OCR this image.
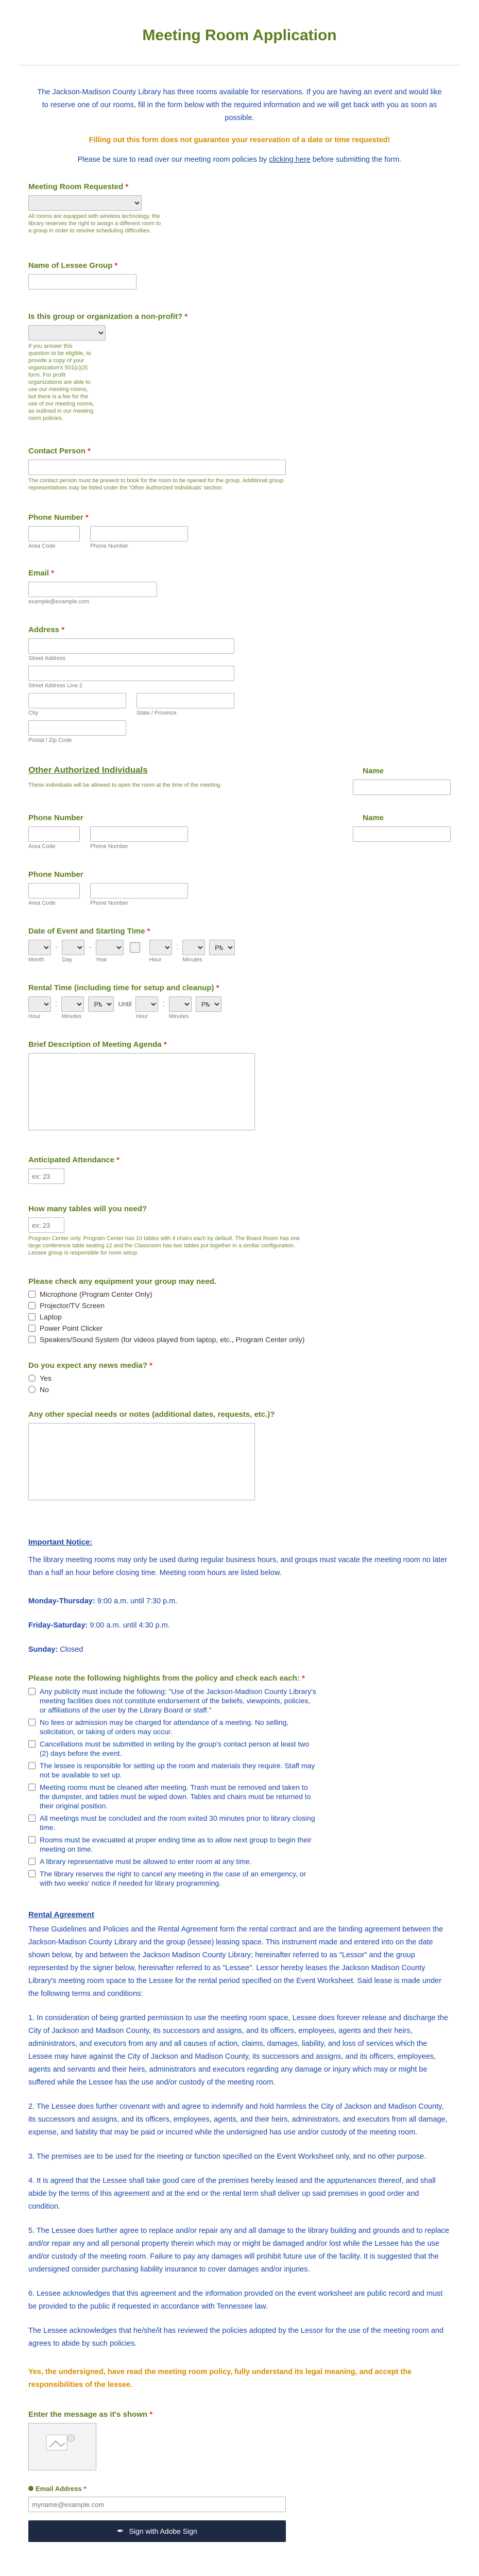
Meeting Room Application
The Jackson-Madison County Library has three rooms available for reservations. If you are having an event and would like to reserve one of our rooms, fill in the form below with the required information and we will get back with you as soon as possible.
Filling out this form does not guarantee your reservation of a date or time requested!
Please be sure to read over our meeting room policies by clicking here before submitting the form.
Meeting Room Requested *
All rooms are equipped with wireless technology. the library reserves the right to assign a different room to a group in order to resolve scheduling difficulties.
Name of Lessee Group *
Is this group or organization a non-profit? *
If you answer this question to be eligible, to provide a copy of your organization's 501(c)(3) form. For profit organizations are able to use our meeting rooms, but there is a fee for the use of our meeting rooms, as outlined in our meeting room policies.
Contact Person *
The contact person must be present to book for the room to be opened for the group. Additional group representatives may be listed under the 'Other Authorized Individuals' section.
Phone Number *
Area Code	Phone Number
Email *
example@example.com
Address *
Street Address
Street Address Line 2
City	State / Province
Postal / Zip Code
Other Authorized Individuals	Name
These individuals will be allowed to open the room at the time of the meeting
Phone Number	Name
Area Code	Phone Number
Phone Number
Area Code	Phone Number
Date of Event and Starting Time *
Month
-
Day
-
Year	Hour
:
Minutes
PM
Rental Time (including time for setup and cleanup) *
Hour
:
Minutes
PM
Until
Hour
:
Minutes
PM
Brief Description of Meeting Agenda *
Anticipated Attendance *
ex: 23
How many tables will you need?
ex: 23
Program Center only. Program Center has 10 tables with 4 chairs each by default. The Board Room has one large conference table seating 12 and the Classroom has two tables put together in a similar configuration. Lessee group is responsible for room setup.
Please check any equipment your group may need.
Microphone (Program Center Only)
Projector/TV Screen
Laptop
Power Point Clicker
Speakers/Sound System (for videos played from laptop, etc., Program Center only)
Do you expect any news media? *
Yes
No
Any other special needs or notes (additional dates, requests, etc.)?
Important Notice:
The library meeting rooms may only be used during regular business hours, and groups must vacate the meeting room no later than a half an hour before closing time. Meeting room hours are listed below.
Monday-Thursday: 9:00 a.m. until 7:30 p.m.
Friday-Saturday: 9:00 a.m. until 4:30 p.m.
Sunday: Closed
Please note the following highlights from the policy and check each each: *
Any publicity must include the following: "Use of the Jackson-Madison County Library's meeting facilities does not constitute endorsement of the beliefs, viewpoints, policies, or affiliations of the user by the Library Board or staff."
No fees or admission may be charged for attendance of a meeting. No selling, solicitation, or taking of orders may occur.
Cancellations must be submitted in writing by the group's contact person at least two (2) days before the event.
The lessee is responsible for setting up the room and materials they require. Staff may not be available to set up.
Meeting rooms must be cleaned after meeting. Trash must be removed and taken to the dumpster, and tables must be wiped down. Tables and chairs must be returned to their original position.
All meetings must be concluded and the room exited 30 minutes prior to library closing time.
Rooms must be evacuated at proper ending time as to allow next group to begin their meeting on time.
A library representative must be allowed to enter room at any time.
The library reserves the right to cancel any meeting in the case of an emergency, or with two weeks' notice if needed for library programming.
Rental Agreement
These Guidelines and Policies and the Rental Agreement form the rental contract and are the binding agreement between the Jackson-Madison County Library and the group (lessee) leasing space. This instrument made and entered into on the date shown below, by and between the Jackson Madison County Library; hereinafter referred to as "Lessor" and the group represented by the signer below, hereinafter referred to as "Lessee". Lessor hereby leases the Jackson Madison County Library's meeting room space to the Lessee for the rental period specified on the Event Worksheet. Said lease is made under the following terms and conditions:
1. In consideration of being granted permission to use the meeting room space, Lessee does forever release and discharge the City of Jackson and Madison County, its successors and assigns, and its officers, employees, agents and their heirs, administrators, and executors from any and all causes of action, claims, damages, liability, and loss of services which the Lessee may have against the City of Jackson and Madison County, its successors and assigns, and its officers, employees, agents and servants and their heirs, administrators and executors regarding any damage or injury which may or might be suffered while the Lessee has the use and/or custody of the meeting room.
2. The Lessee does further covenant with and agree to indemnify and hold harmless the City of Jackson and Madison County, its successors and assigns, and its officers, employees, agents, and their heirs, administrators, and executors from all damage, expense, and liability that may be paid or incurred while the undersigned has use and/or custody of the meeting room.
3. The premises are to be used for the meeting or function specified on the Event Worksheet only, and no other purpose.
4. It is agreed that the Lessee shall take good care of the premises hereby leased and the appurtenances thereof, and shall abide by the terms of this agreement and at the end or the rental term shall deliver up said premises in good order and condition.
5. The Lessee does further agree to replace and/or repair any and all damage to the library building and grounds and to replace and/or repair any and all personal property therein which may or might be damaged and/or lost while the Lessee has the use and/or custody of the meeting room. Failure to pay any damages will prohibit future use of the facility. It is suggested that the undersigned consider purchasing liability insurance to cover damages and/or injuries.
6. Lessee acknowledges that this agreement and the information provided on the event worksheet are public record and must be provided to the public if requested in accordance with Tennessee law.
The Lessee acknowledges that he/she/it has reviewed the policies adopted by the Lessor for the use of the meeting room and agrees to abide by such policies.
Yes, the undersigned, have read the meeting room policy, fully understand its legal meaning, and accept the responsibilities of the lessee.
Enter the message as it's shown *
Email Address *
myname@example.com
✒ Sign with Adobe Sign
